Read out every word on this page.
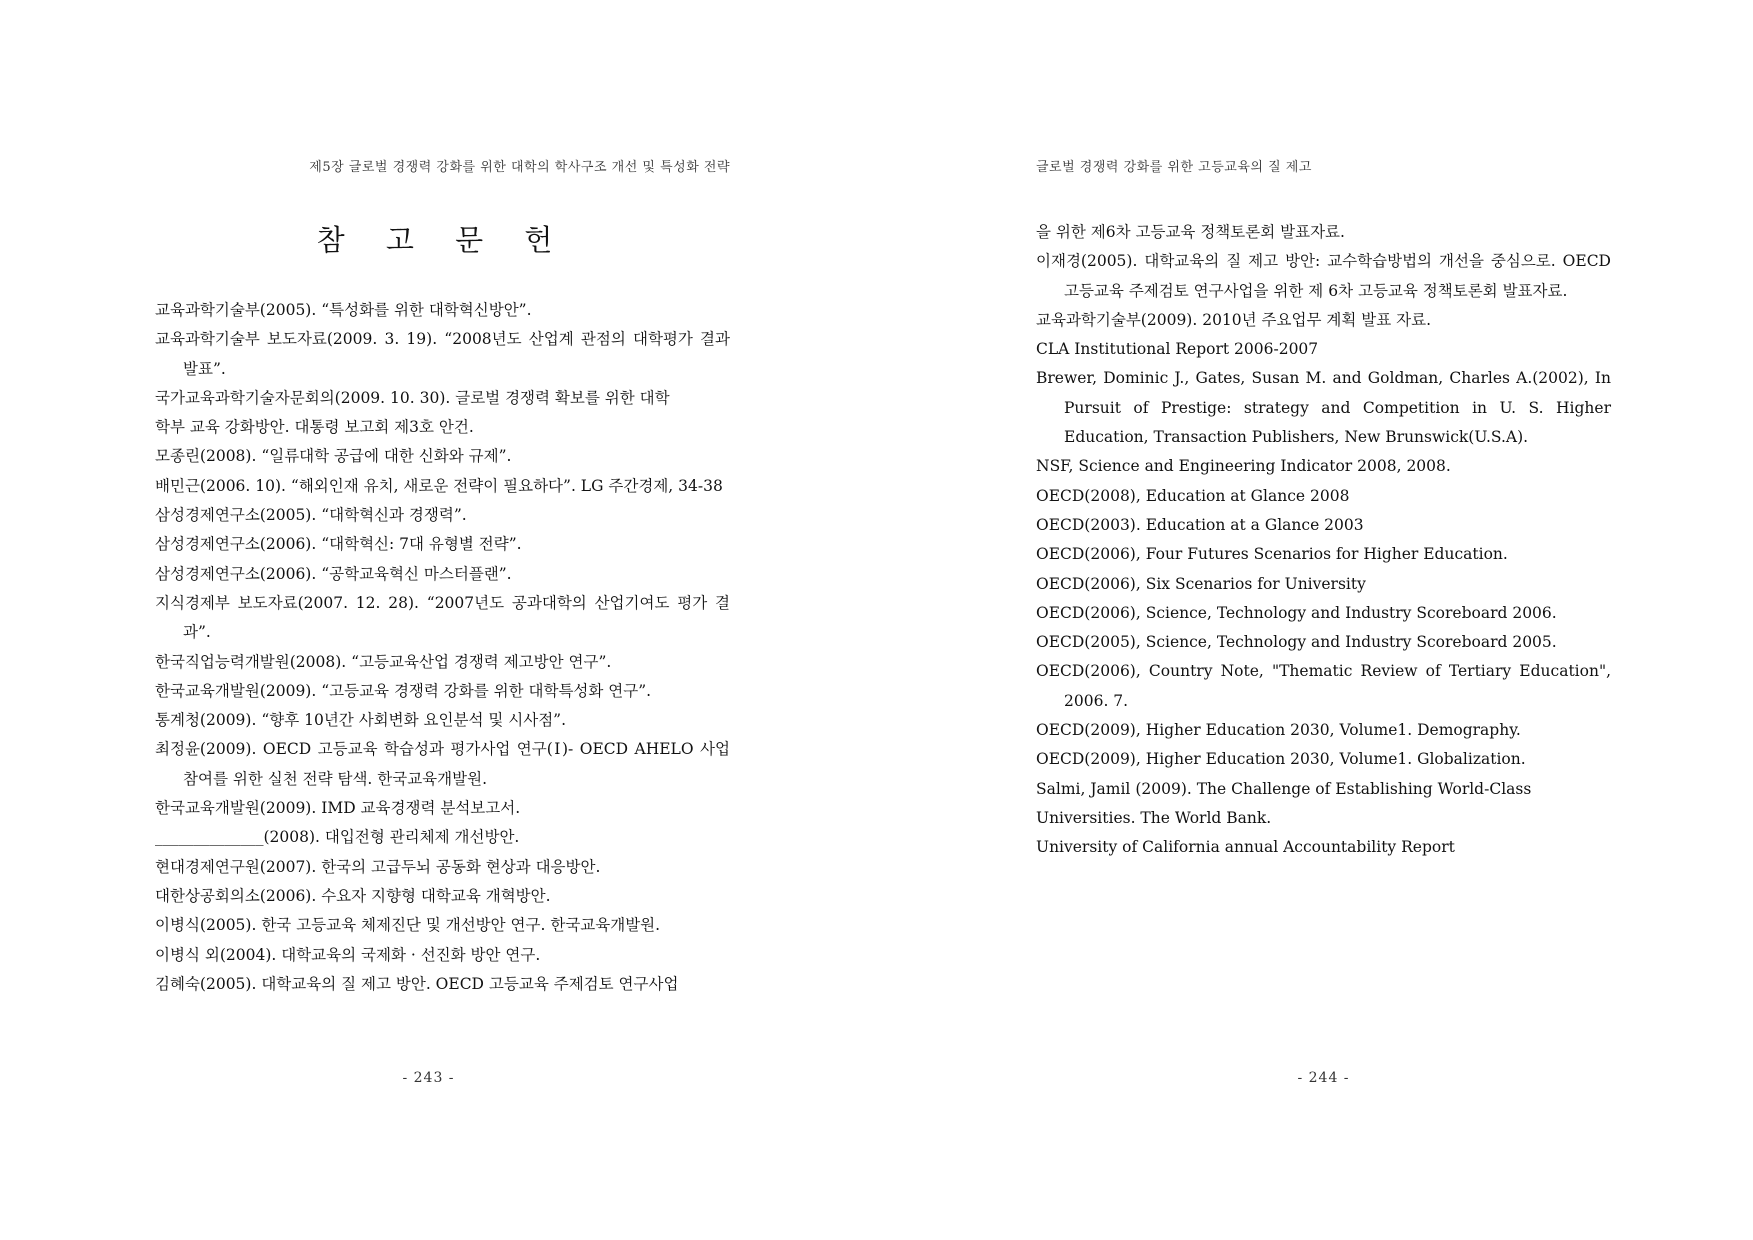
제5장 글로벌 경쟁력 강화를 위한 대학의 학사구조 개선 및 특성화 전략
참 고 문 헌
교육과학기술부(2005). “특성화를 위한 대학혁신방안”.
교육과학기술부 보도자료(2009. 3. 19). “2008년도 산업계 관점의 대학평가 결과 발표”.
국가교육과학기술자문회의(2009. 10. 30). 글로벌 경쟁력 확보를 위한 대학
학부 교육 강화방안. 대통령 보고회 제3호 안건.
모종린(2008). “일류대학 공급에 대한 신화와 규제”.
배민근(2006. 10). “해외인재 유치, 새로운 전략이 필요하다”. LG 주간경제, 34-38
삼성경제연구소(2005). “대학혁신과 경쟁력”.
삼성경제연구소(2006). “대학혁신: 7대 유형별 전략”.
삼성경제연구소(2006). “공학교육혁신 마스터플랜”.
지식경제부 보도자료(2007. 12. 28). “2007년도 공과대학의 산업기여도 평가 결과”.
한국직업능력개발원(2008). “고등교육산업 경쟁력 제고방안 연구”.
한국교육개발원(2009). “고등교육 경쟁력 강화를 위한 대학특성화 연구”.
통계청(2009). “향후 10년간 사회변화 요인분석 및 시사점”.
최정윤(2009). OECD 고등교육 학습성과 평가사업 연구(Ⅰ)- OECD AHELO 사업 참여를 위한 실천 전략 탐색. 한국교육개발원.
한국교육개발원(2009). IMD 교육경쟁력 분석보고서.
______________(2008). 대입전형 관리체제 개선방안.
현대경제연구원(2007). 한국의 고급두뇌 공동화 현상과 대응방안.
대한상공회의소(2006). 수요자 지향형 대학교육 개혁방안.
이병식(2005). 한국 고등교육 체제진단 및 개선방안 연구. 한국교육개발원.
이병식 외(2004). 대학교육의 국제화 · 선진화 방안 연구.
김혜숙(2005). 대학교육의 질 제고 방안. OECD 고등교육 주제검토 연구사업
- 243 -
글로벌 경쟁력 강화를 위한 고등교육의 질 제고
을 위한 제6차 고등교육 정책토론회 발표자료.
이재경(2005). 대학교육의 질 제고 방안: 교수학습방법의 개선을 중심으로. OECD 고등교육 주제검토 연구사업을 위한 제 6차 고등교육 정책토론회 발표자료.
교육과학기술부(2009). 2010년 주요업무 계획 발표 자료.
CLA Institutional Report 2006-2007
Brewer, Dominic J., Gates, Susan M. and Goldman, Charles A.(2002), In Pursuit of Prestige: strategy and Competition in U. S. Higher Education, Transaction Publishers, New Brunswick(U.S.A).
NSF, Science and Engineering Indicator 2008, 2008.
OECD(2008), Education at Glance 2008
OECD(2003). Education at a Glance 2003
OECD(2006), Four Futures Scenarios for Higher Education.
OECD(2006), Six Scenarios for University
OECD(2006), Science, Technology and Industry Scoreboard 2006.
OECD(2005), Science, Technology and Industry Scoreboard 2005.
OECD(2006), Country Note, "Thematic Review of Tertiary Education", 2006. 7.
OECD(2009), Higher Education 2030, Volume1. Demography.
OECD(2009), Higher Education 2030, Volume1. Globalization.
Salmi, Jamil (2009). The Challenge of Establishing World-Class
Universities. The World Bank.
University of California annual Accountability Report
- 244 -
